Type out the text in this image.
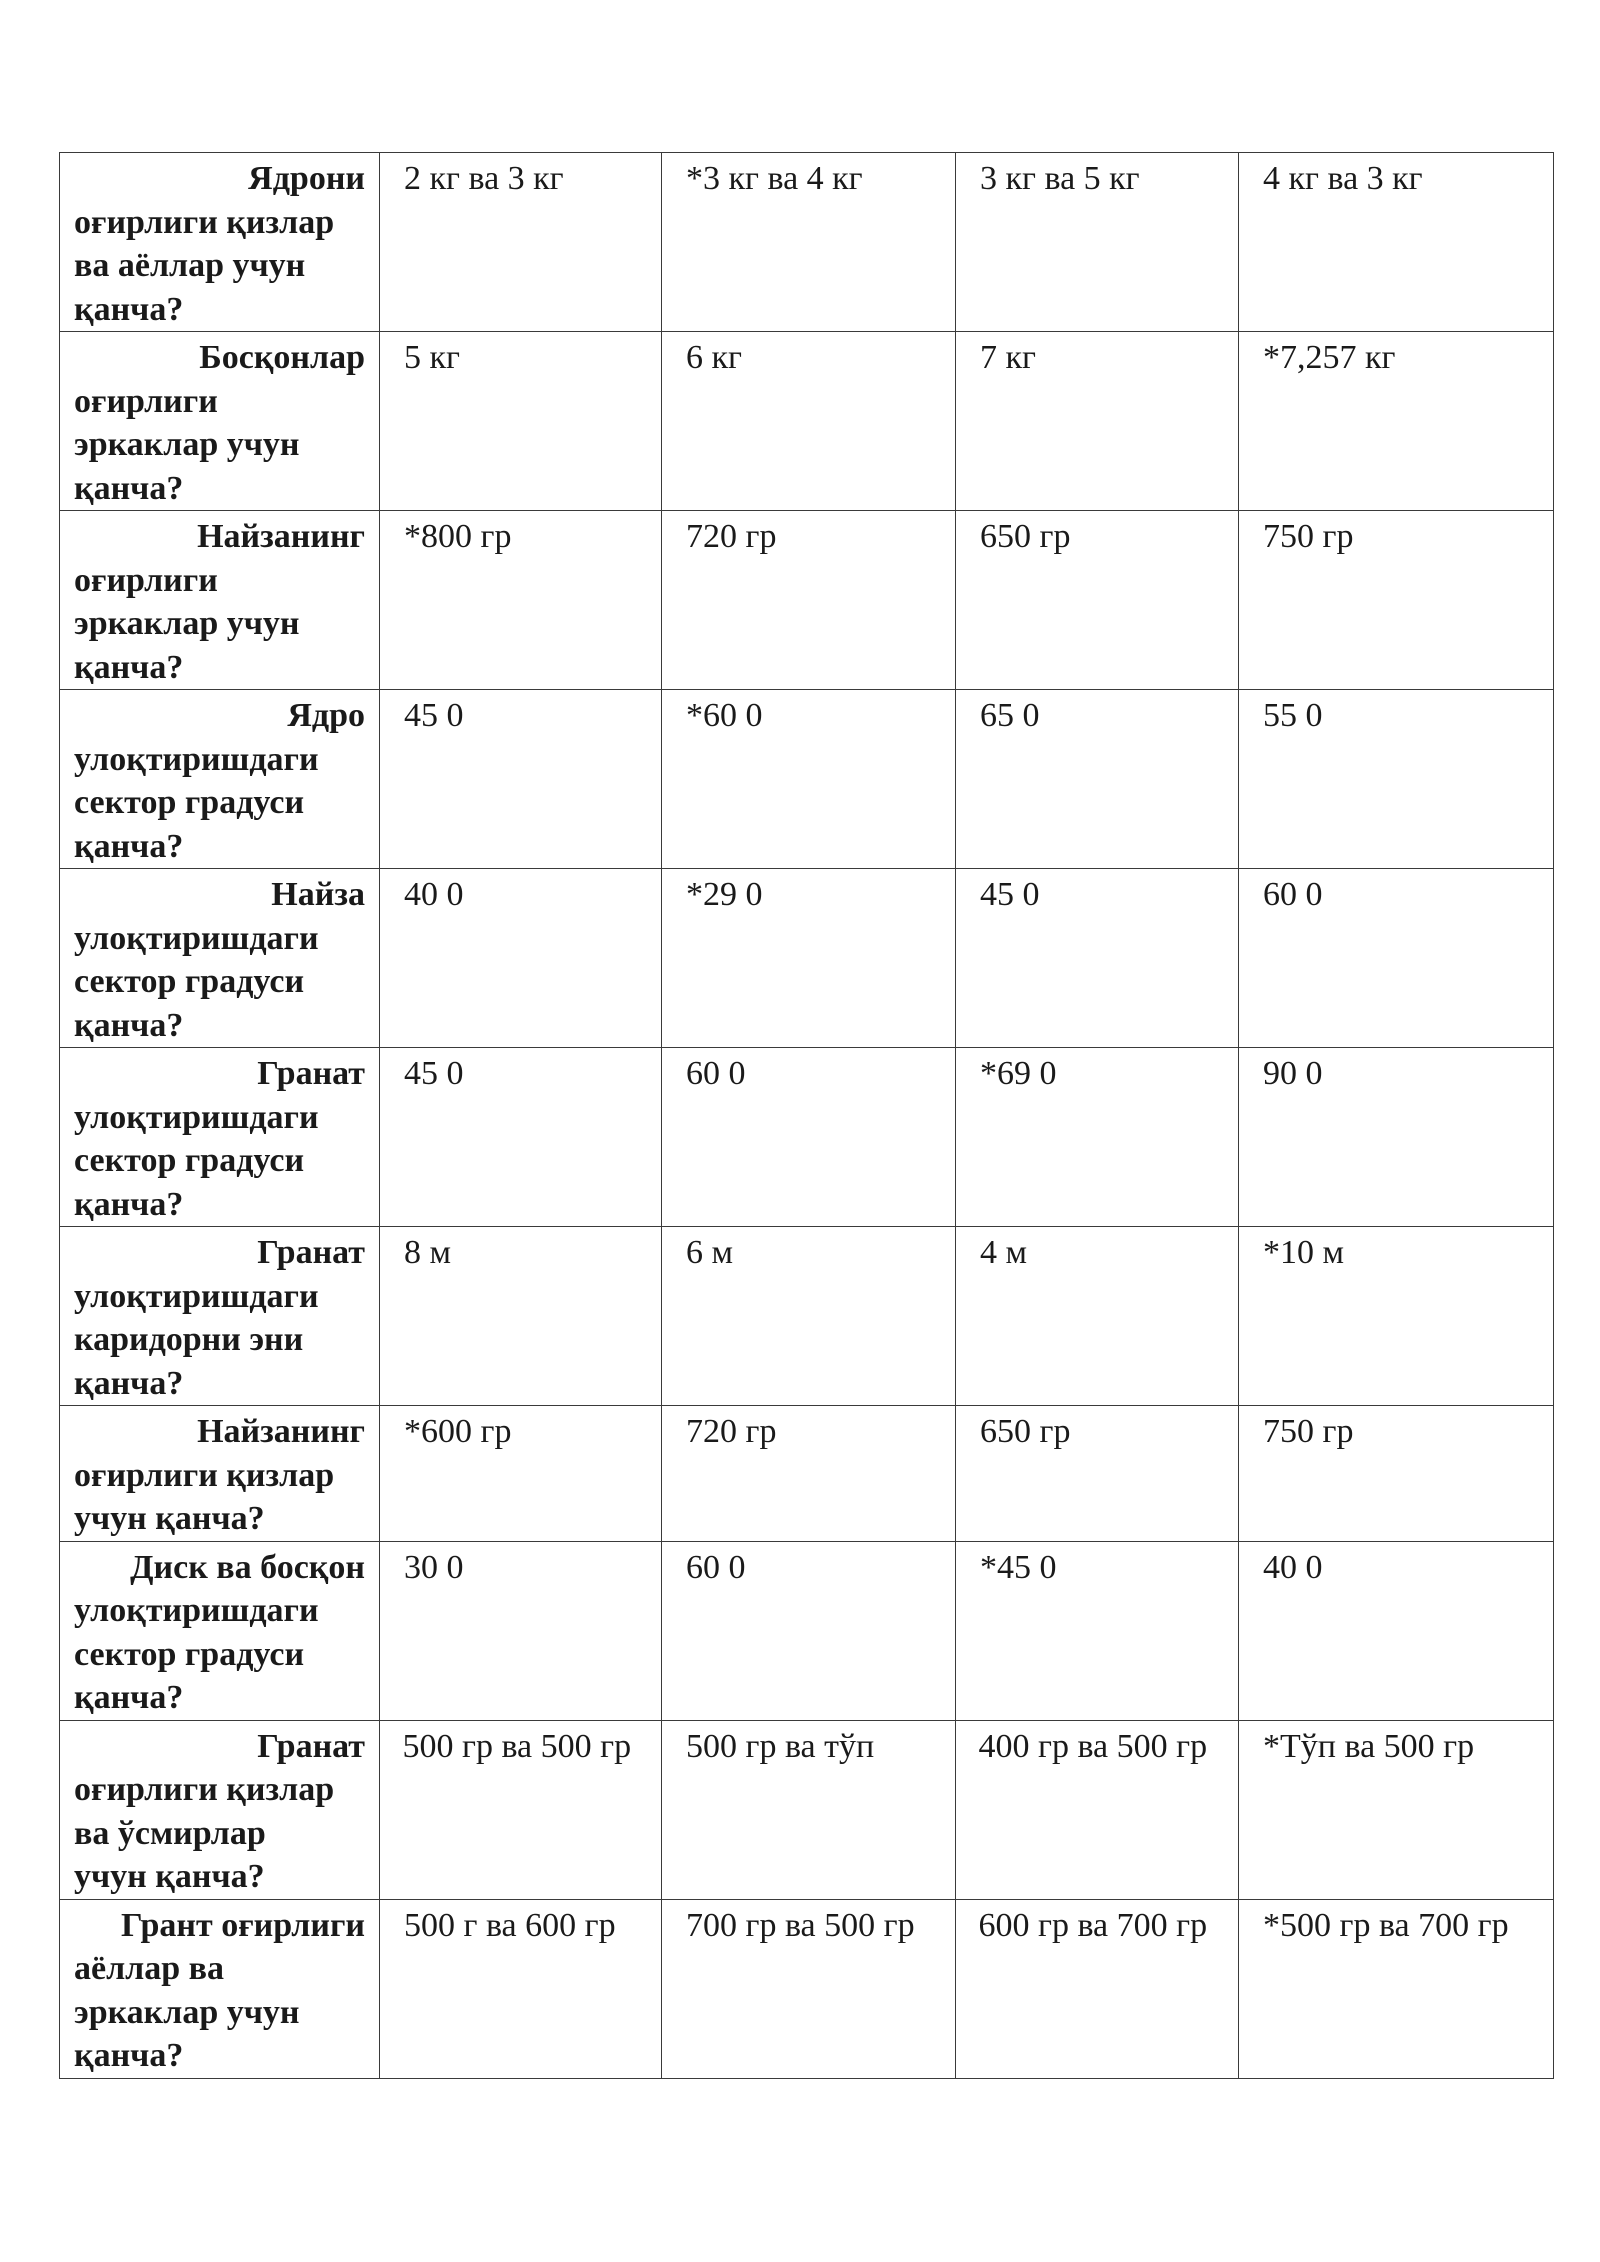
Ядрони
оғирлиги қизлар
ва аёллар учун
қанча?	2 кг ва 3 кг	*3 кг ва 4 кг	3 кг ва 5 кг	4 кг ва 3 кг

Босқонлар
оғирлиги
эркаклар учун
қанча?	5 кг	6 кг	7 кг	*7,257 кг

Найзанинг
оғирлиги
эркаклар учун
қанча?	*800 гр	720 гр	650 гр	750 гр

Ядро
улоқтиришдаги
сектор градуси
қанча?	45 0	*60 0	65 0	55 0

Найза
улоқтиришдаги
сектор градуси
қанча?	40 0	*29 0	45 0	60 0

Гранат
улоқтиришдаги
сектор градуси
қанча?	45 0	60 0	*69 0	90 0

Гранат
улоқтиришдаги
каридорни эни
қанча?	8 м	6 м	4 м	*10 м

Найзанинг
оғирлиги қизлар
учун қанча?	*600 гр	720 гр	650 гр	750 гр

Диск ва босқон
улоқтиришдаги
сектор градуси
қанча?	30 0	60 0	*45 0	40 0

Гранат
оғирлиги қизлар
ва ўсмирлар
учун қанча?	500 гр ва 500 гр	500 гр ва тўп	400 гр ва 500 гр	*Тўп ва 500 гр

Грант оғирлиги
аёллар ва
эркаклар учун
қанча?	500 г ва 600 гр	700 гр ва 500 гр	600 гр ва 700 гр	*500 гр ва 700 гр
